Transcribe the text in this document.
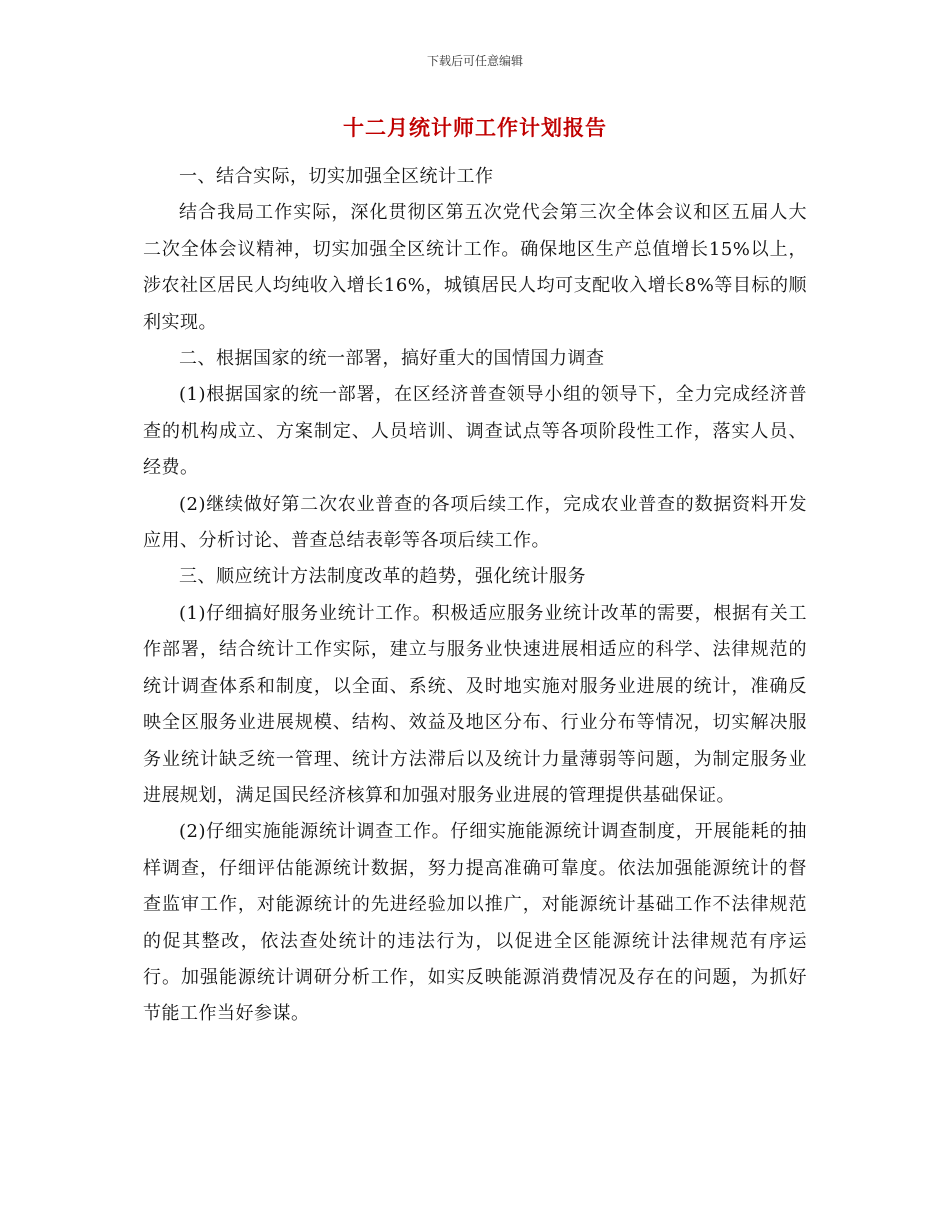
下载后可任意编辑
十二月统计师工作计划报告

一、结合实际，切实加强全区统计工作

结合我局工作实际，深化贯彻区第五次党代会第三次全体会议和区五届人大二次全体会议精神，切实加强全区统计工作。确保地区生产总值增长15%以上，涉农社区居民人均纯收入增长16%，城镇居民人均可支配收入增长8%等目标的顺利实现。

二、根据国家的统一部署，搞好重大的国情国力调查

(1)根据国家的统一部署，在区经济普查领导小组的领导下，全力完成经济普查的机构成立、方案制定、人员培训、调查试点等各项阶段性工作，落实人员、经费。

(2)继续做好第二次农业普查的各项后续工作，完成农业普查的数据资料开发应用、分析讨论、普查总结表彰等各项后续工作。

三、顺应统计方法制度改革的趋势，强化统计服务

(1)仔细搞好服务业统计工作。积极适应服务业统计改革的需要，根据有关工作部署，结合统计工作实际，建立与服务业快速进展相适应的科学、法律规范的统计调查体系和制度，以全面、系统、及时地实施对服务业进展的统计，准确反映全区服务业进展规模、结构、效益及地区分布、行业分布等情况，切实解决服务业统计缺乏统一管理、统计方法滞后以及统计力量薄弱等问题，为制定服务业进展规划，满足国民经济核算和加强对服务业进展的管理提供基础保证。

(2)仔细实施能源统计调查工作。仔细实施能源统计调查制度，开展能耗的抽样调查，仔细评估能源统计数据，努力提高准确可靠度。依法加强能源统计的督查监审工作，对能源统计的先进经验加以推广，对能源统计基础工作不法律规范的促其整改，依法查处统计的违法行为，以促进全区能源统计法律规范有序运行。加强能源统计调研分析工作，如实反映能源消费情况及存在的问题，为抓好节能工作当好参谋。
